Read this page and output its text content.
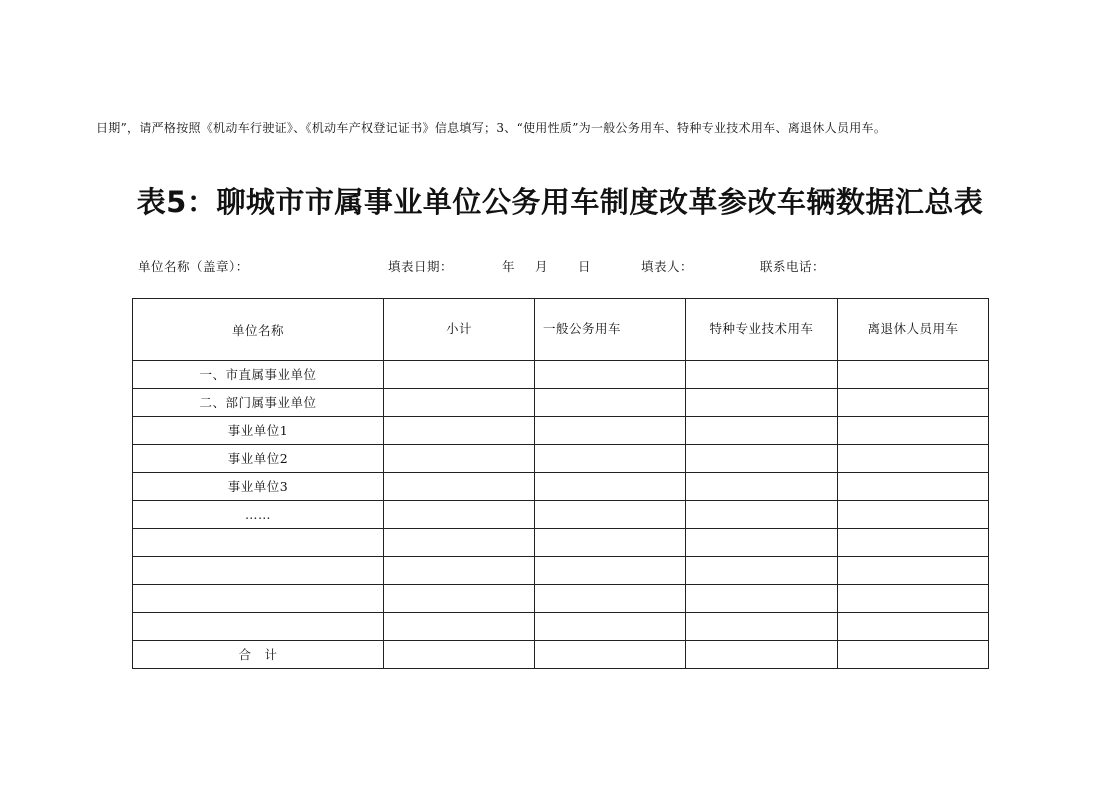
日期”，请严格按照《机动车行驶证》、《机动车产权登记证书》信息填写；3、“使用性质”为一般公务用车、特种专业技术用车、离退休人员用车。
表5：聊城市市属事业单位公务用车制度改革参改车辆数据汇总表
单位名称（盖章）：	填表日期：	年 月 日	填表人：	联系电话：
单位名称	小计	一般公务用车	特种专业技术用车	离退休人员用车
一、市直属事业单位				
二、部门属事业单位				
事业单位1				
事业单位2				
事业单位3				
……				

合　计				
